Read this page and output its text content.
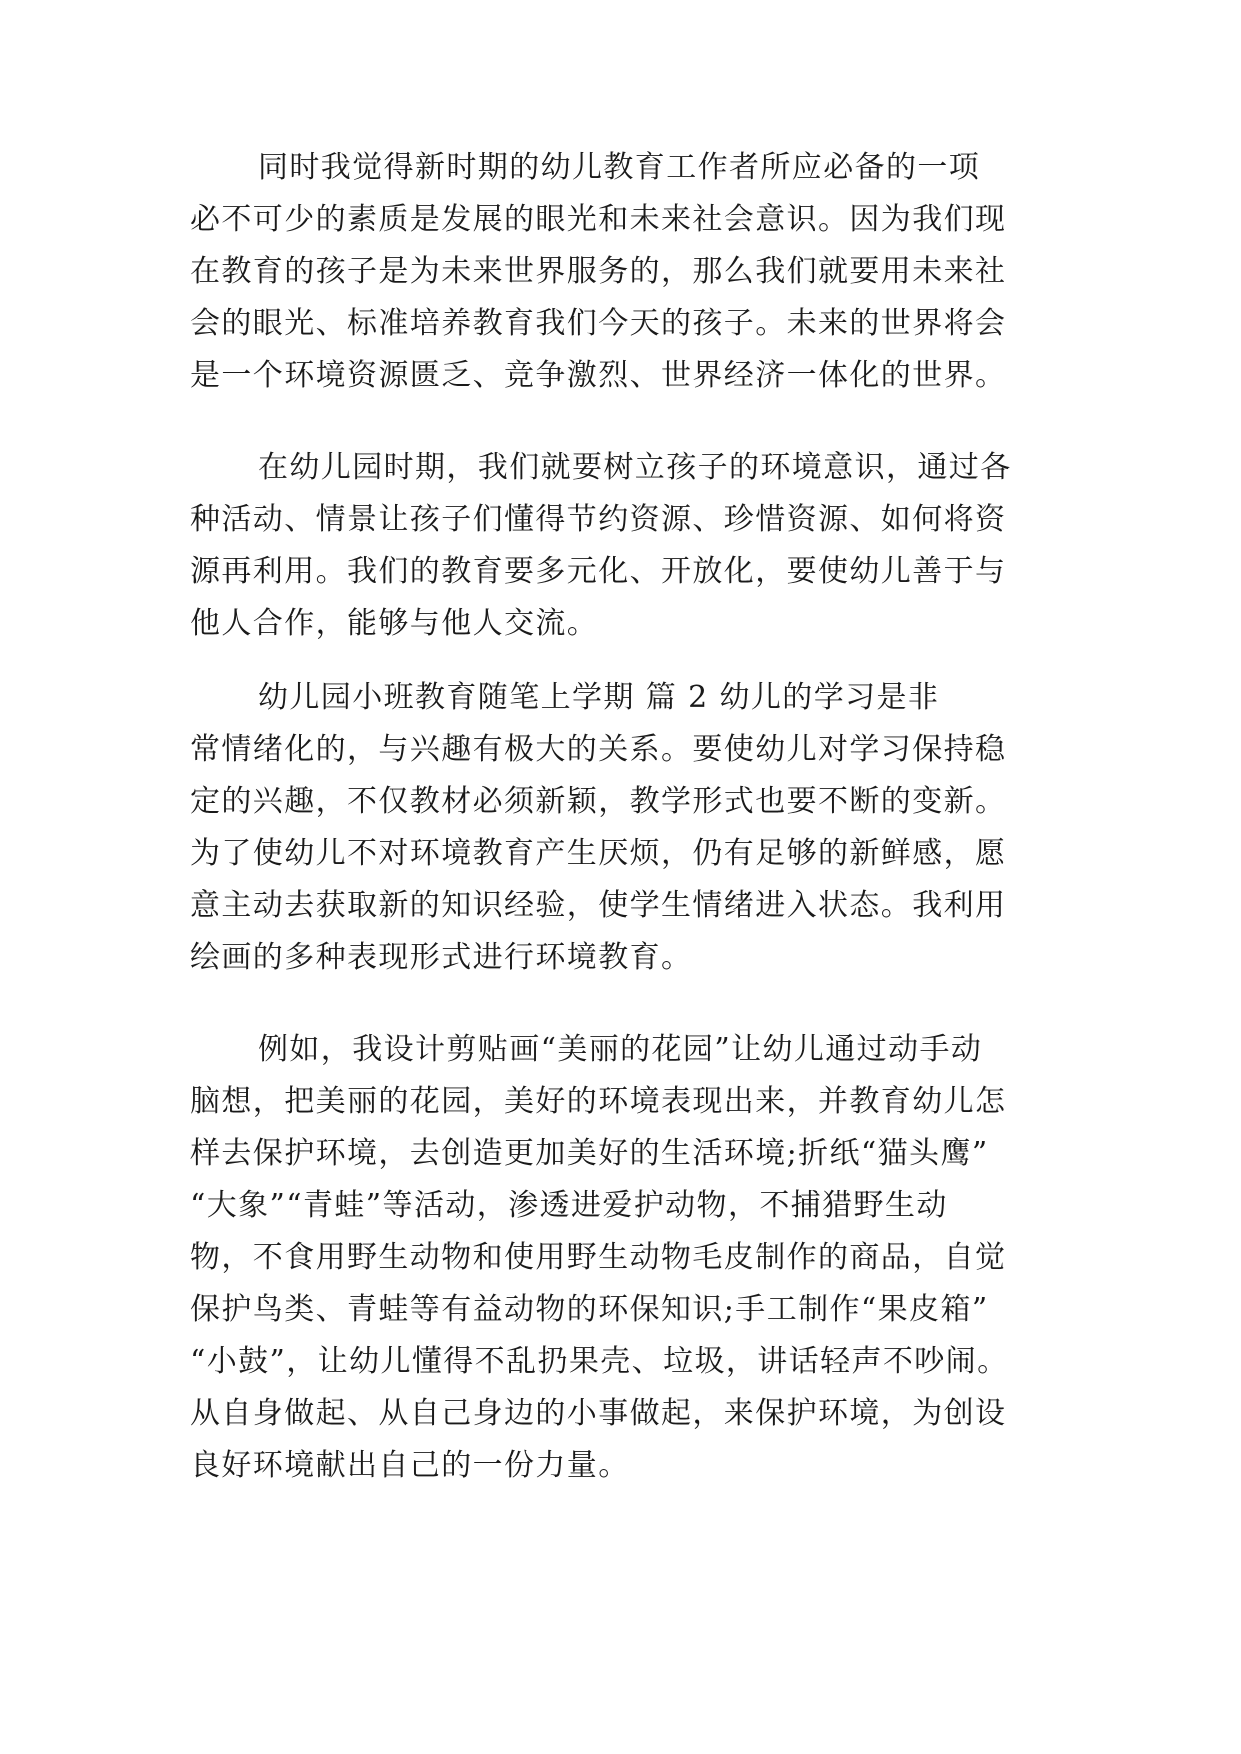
同时我觉得新时期的幼儿教育工作者所应必备的一项
必不可少的素质是发展的眼光和未来社会意识。因为我们现
在教育的孩子是为未来世界服务的，那么我们就要用未来社
会的眼光、标准培养教育我们今天的孩子。未来的世界将会
是一个环境资源匮乏、竞争激烈、世界经济一体化的世界。
在幼儿园时期，我们就要树立孩子的环境意识，通过各
种活动、情景让孩子们懂得节约资源、珍惜资源、如何将资
源再利用。我们的教育要多元化、开放化，要使幼儿善于与
他人合作，能够与他人交流。
幼儿园小班教育随笔上学期 篇 2 幼儿的学习是非
常情绪化的，与兴趣有极大的关系。要使幼儿对学习保持稳
定的兴趣，不仅教材必须新颖，教学形式也要不断的变新。
为了使幼儿不对环境教育产生厌烦，仍有足够的新鲜感，愿
意主动去获取新的知识经验，使学生情绪进入状态。我利用
绘画的多种表现形式进行环境教育。
例如，我设计剪贴画“美丽的花园”让幼儿通过动手动
脑想，把美丽的花园，美好的环境表现出来，并教育幼儿怎
样去保护环境，去创造更加美好的生活环境;折纸“猫头鹰”
“大象”“青蛙”等活动，渗透进爱护动物，不捕猎野生动
物，不食用野生动物和使用野生动物毛皮制作的商品，自觉
保护鸟类、青蛙等有益动物的环保知识;手工制作“果皮箱”
“小鼓”，让幼儿懂得不乱扔果壳、垃圾，讲话轻声不吵闹。
从自身做起、从自己身边的小事做起，来保护环境，为创设
良好环境献出自己的一份力量。
